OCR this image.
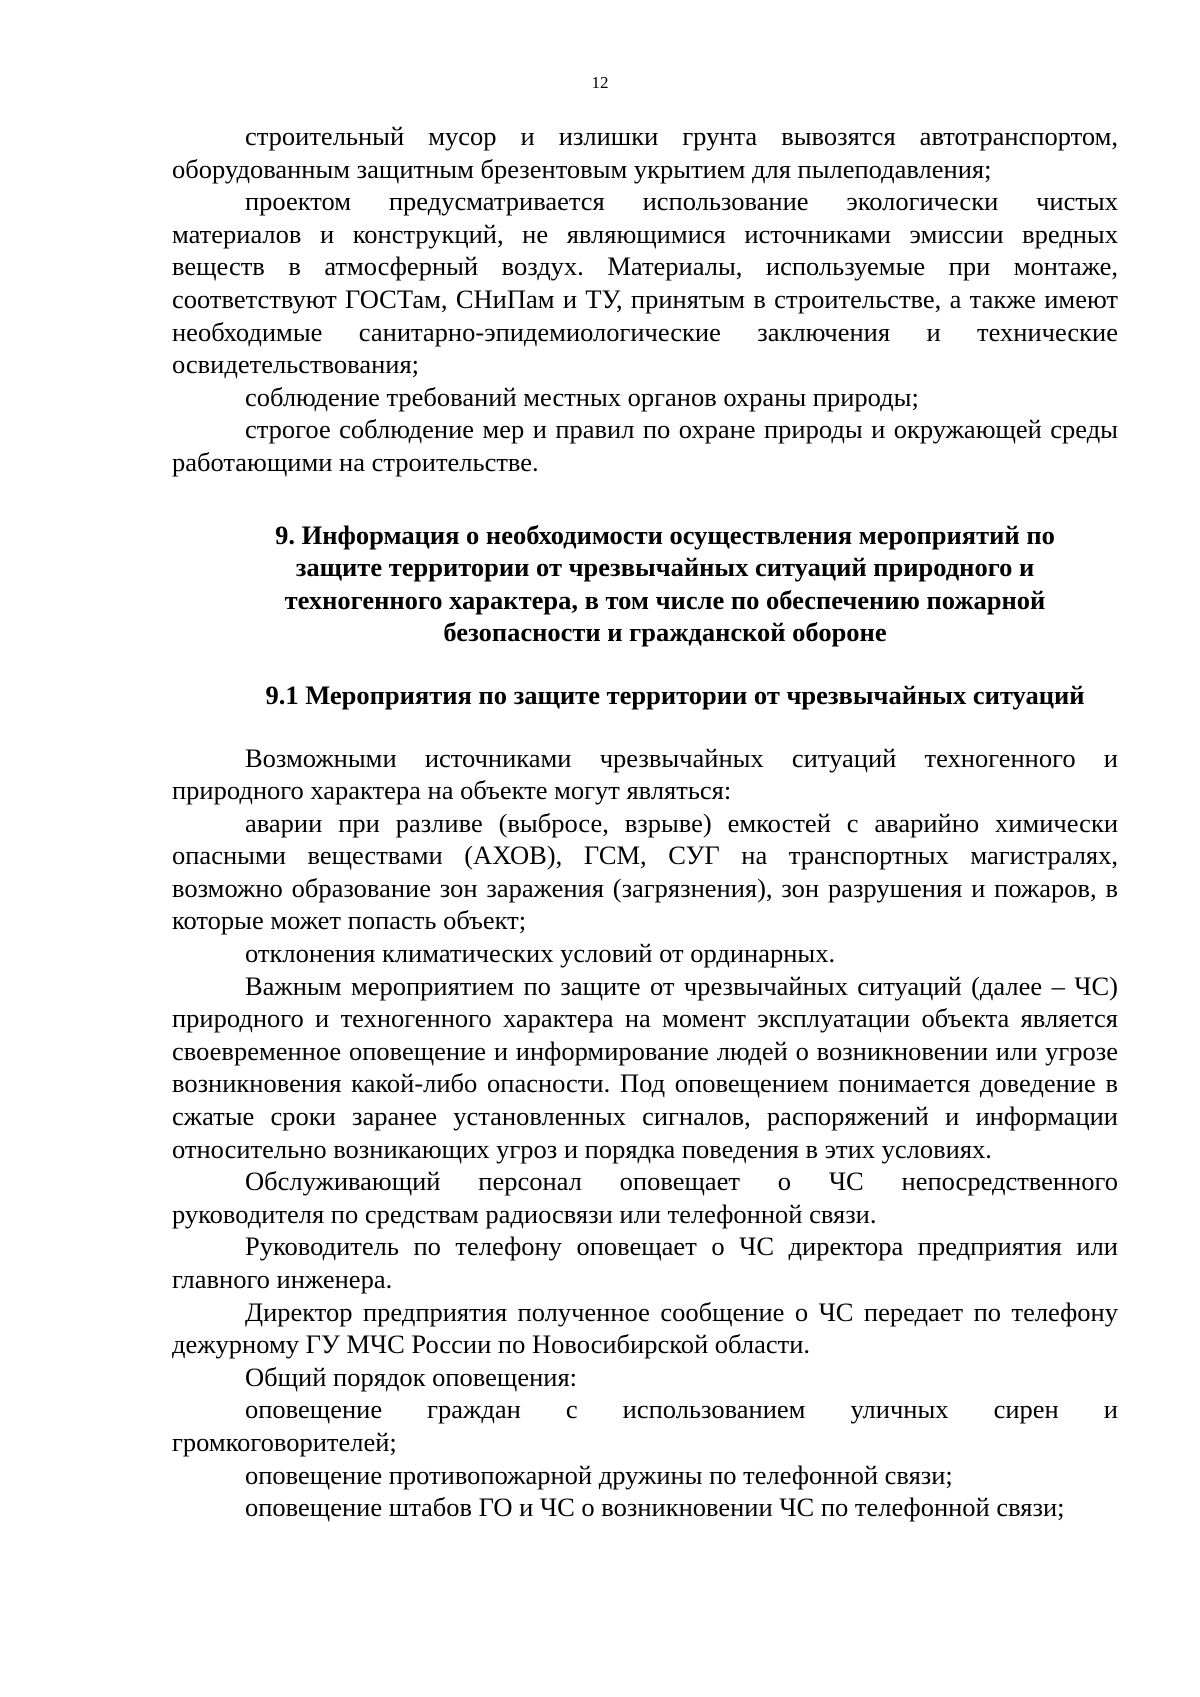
12

строительный мусор и излишки грунта вывозятся автотранспортом, оборудованным защитным брезентовым укрытием для пылеподавления;

проектом предусматривается использование экологически чистых материалов и конструкций, не являющимися источниками эмиссии вредных веществ в атмосферный воздух. Материалы, используемые при монтаже, соответствуют ГОСТам, СНиПам и ТУ, принятым в строительстве, а также имеют необходимые санитарно-эпидемиологические заключения и технические освидетельствования;

соблюдение требований местных органов охраны природы;

строгое соблюдение мер и правил по охране природы и окружающей среды работающими на строительстве.

9. Информация о необходимости осуществления мероприятий по защите территории от чрезвычайных ситуаций природного и техногенного характера, в том числе по обеспечению пожарной безопасности и гражданской обороне
9.1 Мероприятия по защите территории от чрезвычайных ситуаций

Возможными источниками чрезвычайных ситуаций техногенного и природного характера на объекте могут являться:

аварии при разливе (выбросе, взрыве) емкостей с аварийно химически опасными веществами (АХОВ), ГСМ, СУГ на транспортных магистралях, возможно образование зон заражения (загрязнения), зон разрушения и пожаров, в которые может попасть объект;

отклонения климатических условий от ординарных.

Важным мероприятием по защите от чрезвычайных ситуаций (далее – ЧС) природного и техногенного характера на момент эксплуатации объекта является своевременное оповещение и информирование людей о возникновении или угрозе возникновения какой-либо опасности. Под оповещением понимается доведение в сжатые сроки заранее установленных сигналов, распоряжений и информации относительно возникающих угроз и порядка поведения в этих условиях.

Обслуживающий персонал оповещает о ЧС непосредственного руководителя по средствам радиосвязи или телефонной связи.

Руководитель по телефону оповещает о ЧС директора предприятия или главного инженера.

Директор предприятия полученное сообщение о ЧС передает по телефону дежурному ГУ МЧС России по Новосибирской области.

Общий порядок оповещения:

оповещение граждан с использованием уличных сирен и громкоговорителей;

оповещение противопожарной дружины по телефонной связи;

оповещение штабов ГО и ЧС о возникновении ЧС по телефонной связи;
